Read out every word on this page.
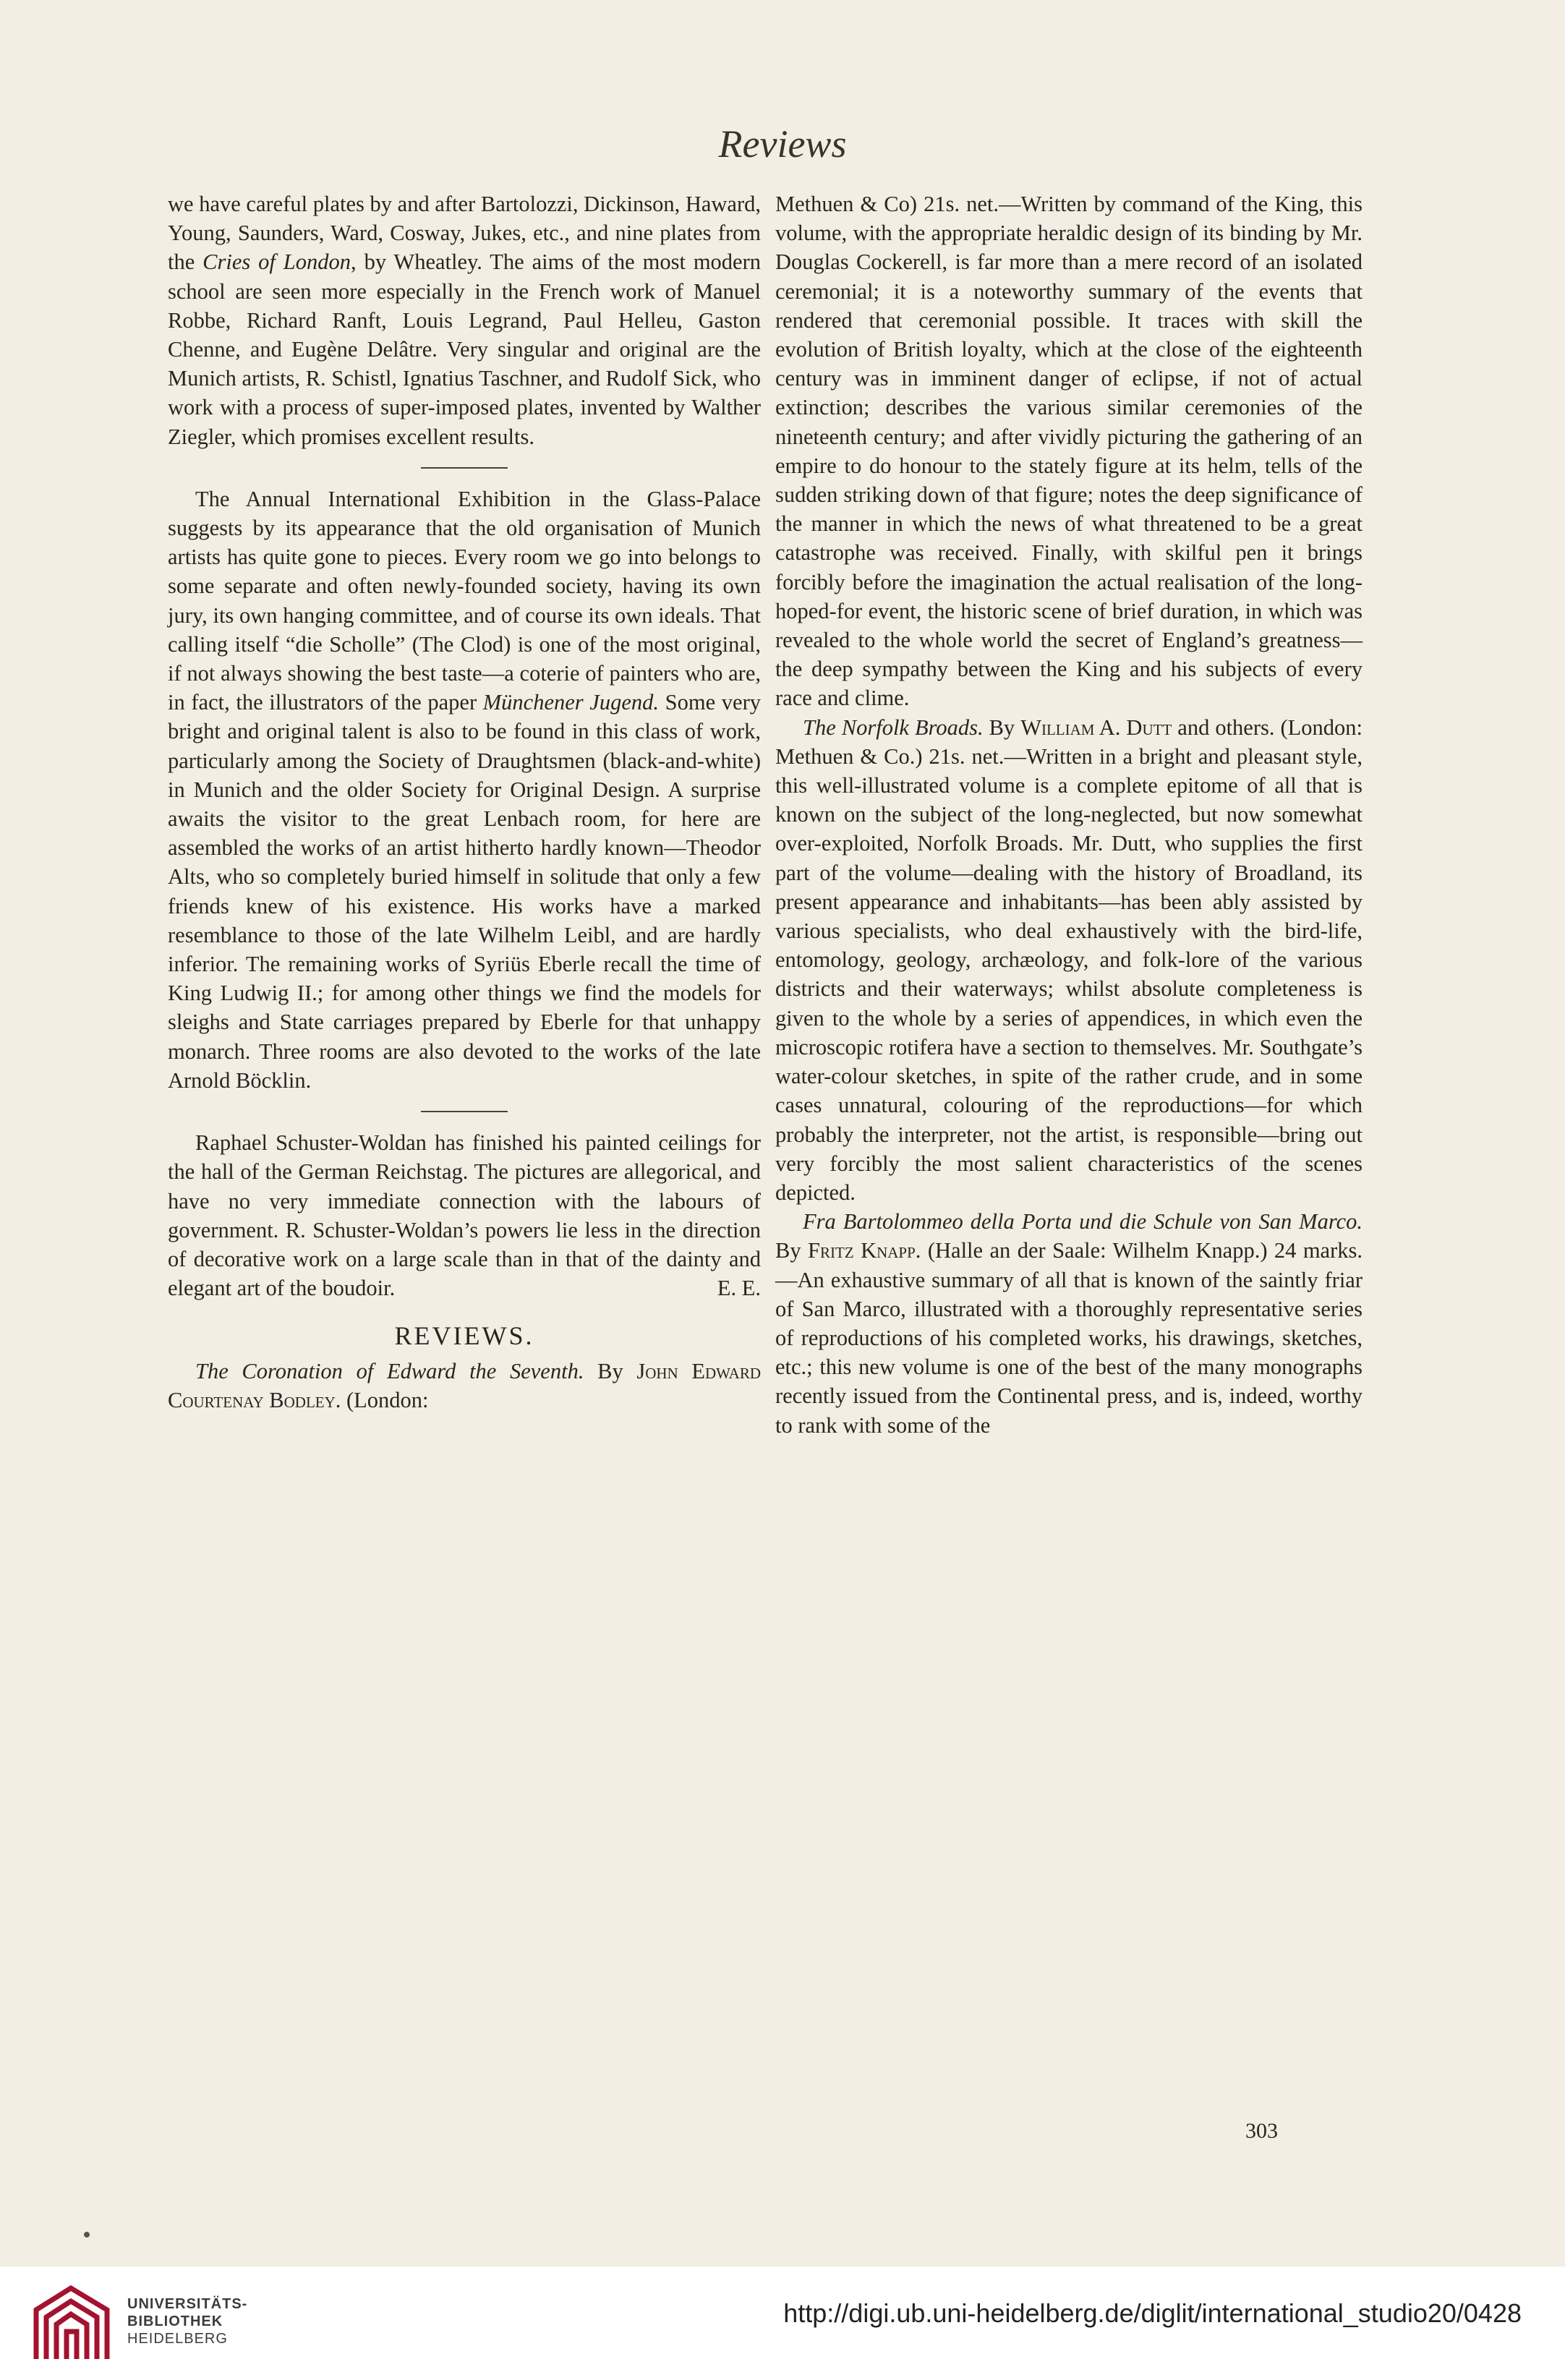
Reviews

we have careful plates by and after Bartolozzi, Dickinson, Haward, Young, Saunders, Ward, Cosway, Jukes, etc., and nine plates from the Cries of London, by Wheatley. The aims of the most modern school are seen more especially in the French work of Manuel Robbe, Richard Ranft, Louis Legrand, Paul Helleu, Gaston Chenne, and Eugène Delâtre. Very singular and original are the Munich artists, R. Schistl, Ignatius Taschner, and Rudolf Sick, who work with a process of super-imposed plates, invented by Walther Ziegler, which promises excellent results.

The Annual International Exhibition in the Glass-Palace suggests by its appearance that the old organisation of Munich artists has quite gone to pieces. Every room we go into belongs to some separate and often newly-founded society, having its own jury, its own hanging committee, and of course its own ideals. That calling itself “die Scholle” (The Clod) is one of the most original, if not always showing the best taste—a coterie of painters who are, in fact, the illustrators of the paper Münchener Jugend. Some very bright and original talent is also to be found in this class of work, particularly among the Society of Draughtsmen (black-and-white) in Munich and the older Society for Original Design. A surprise awaits the visitor to the great Lenbach room, for here are assembled the works of an artist hitherto hardly known—Theodor Alts, who so completely buried himself in solitude that only a few friends knew of his existence. His works have a marked resemblance to those of the late Wilhelm Leibl, and are hardly inferior. The remaining works of Syriüs Eberle recall the time of King Ludwig II.; for among other things we find the models for sleighs and State carriages prepared by Eberle for that unhappy monarch. Three rooms are also devoted to the works of the late Arnold Böcklin.

Raphael Schuster-Woldan has finished his painted ceilings for the hall of the German Reichstag. The pictures are allegorical, and have no very immediate connection with the labours of government. R. Schuster-Woldan’s powers lie less in the direction of decorative work on a large scale than in that of the dainty and elegant art of the boudoir.	E. E.

REVIEWS.

The Coronation of Edward the Seventh. By John Edward Courtenay Bodley. (London:

Methuen & Co) 21s. net.—Written by command of the King, this volume, with the appropriate heraldic design of its binding by Mr. Douglas Cockerell, is far more than a mere record of an isolated ceremonial; it is a noteworthy summary of the events that rendered that ceremonial possible. It traces with skill the evolution of British loyalty, which at the close of the eighteenth century was in imminent danger of eclipse, if not of actual extinction; describes the various similar ceremonies of the nineteenth century; and after vividly picturing the gathering of an empire to do honour to the stately figure at its helm, tells of the sudden striking down of that figure; notes the deep significance of the manner in which the news of what threatened to be a great catastrophe was received. Finally, with skilful pen it brings forcibly before the imagination the actual realisation of the long-hoped-for event, the historic scene of brief duration, in which was revealed to the whole world the secret of England’s greatness—the deep sympathy between the King and his subjects of every race and clime.

The Norfolk Broads. By William A. Dutt and others. (London: Methuen & Co.) 21s. net.—Written in a bright and pleasant style, this well-illustrated volume is a complete epitome of all that is known on the subject of the long-neglected, but now somewhat over-exploited, Norfolk Broads. Mr. Dutt, who supplies the first part of the volume—dealing with the history of Broadland, its present appearance and inhabitants—has been ably assisted by various specialists, who deal exhaustively with the bird-life, entomology, geology, archæology, and folk-lore of the various districts and their waterways; whilst absolute completeness is given to the whole by a series of appendices, in which even the microscopic rotifera have a section to themselves. Mr. Southgate’s water-colour sketches, in spite of the rather crude, and in some cases unnatural, colouring of the reproductions—for which probably the interpreter, not the artist, is responsible—bring out very forcibly the most salient characteristics of the scenes depicted.

Fra Bartolommeo della Porta und die Schule von San Marco. By Fritz Knapp. (Halle an der Saale: Wilhelm Knapp.) 24 marks.—An exhaustive summary of all that is known of the saintly friar of San Marco, illustrated with a thoroughly representative series of reproductions of his completed works, his drawings, sketches, etc.; this new volume is one of the best of the many monographs recently issued from the Continental press, and is, indeed, worthy to rank with some of the

303
UNIVERSITÄTS-
BIBLIOTHEK
HEIDELBERG
http://digi.ub.uni-heidelberg.de/diglit/international_studio20/0428
